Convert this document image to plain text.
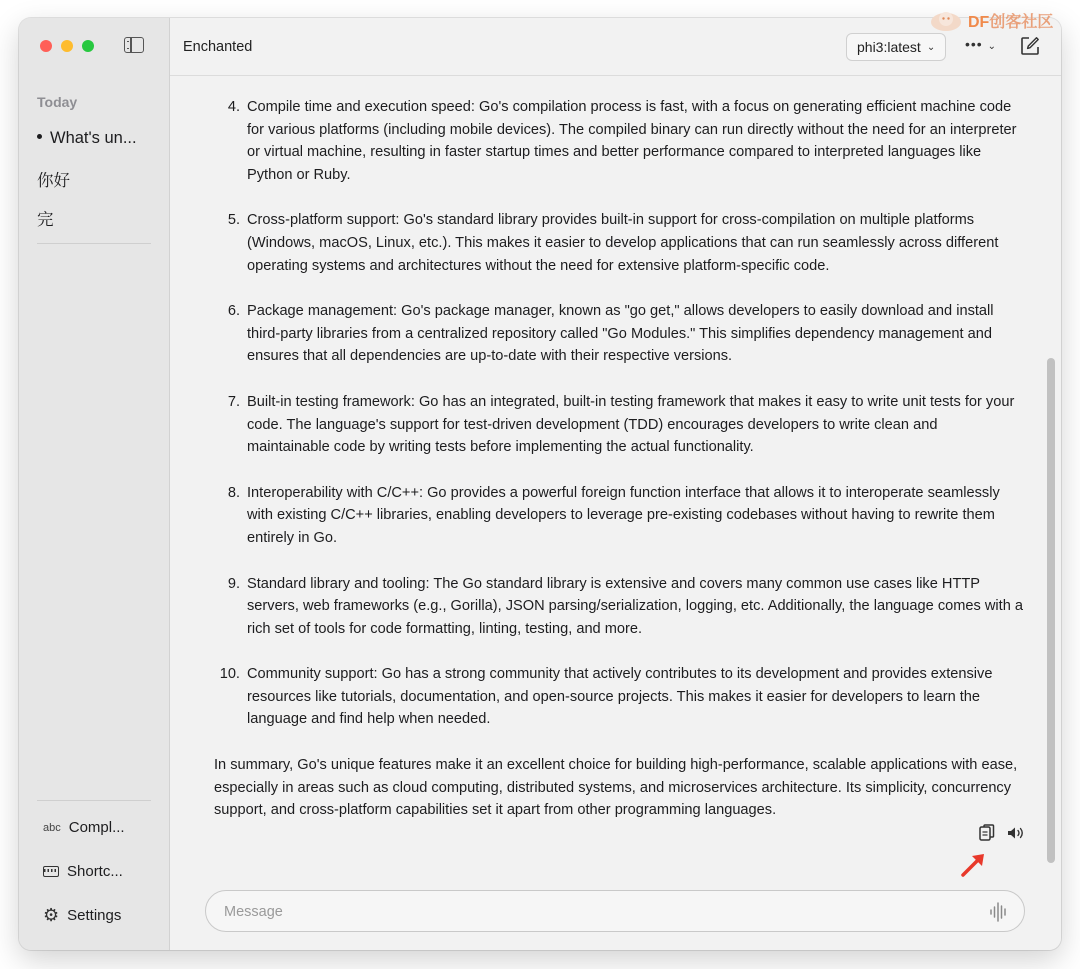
Today
What's un...
你好
完
abc Compl...
Shortc...
⚙ Settings
Enchanted	phi3:latest ⌄ ••• ⌄
4. Compile time and execution speed: Go's compilation process is fast, with a focus on generating efficient machine code for various platforms (including mobile devices). The compiled binary can run directly without the need for an interpreter or virtual machine, resulting in faster startup times and better performance compared to interpreted languages like Python or Ruby.
5. Cross-platform support: Go's standard library provides built-in support for cross-compilation on multiple platforms (Windows, macOS, Linux, etc.). This makes it easier to develop applications that can run seamlessly across different operating systems and architectures without the need for extensive platform-specific code.
6. Package management: Go's package manager, known as "go get," allows developers to easily download and install third-party libraries from a centralized repository called "Go Modules." This simplifies dependency management and ensures that all dependencies are up-to-date with their respective versions.
7. Built-in testing framework: Go has an integrated, built-in testing framework that makes it easy to write unit tests for your code. The language's support for test-driven development (TDD) encourages developers to write clean and maintainable code by writing tests before implementing the actual functionality.
8. Interoperability with C/C++: Go provides a powerful foreign function interface that allows it to interoperate seamlessly with existing C/C++ libraries, enabling developers to leverage pre-existing codebases without having to rewrite them entirely in Go.
9. Standard library and tooling: The Go standard library is extensive and covers many common use cases like HTTP servers, web frameworks (e.g., Gorilla), JSON parsing/serialization, logging, etc. Additionally, the language comes with a rich set of tools for code formatting, linting, testing, and more.
10. Community support: Go has a strong community that actively contributes to its development and provides extensive resources like tutorials, documentation, and open-source projects. This makes it easier for developers to learn the language and find help when needed.
In summary, Go's unique features make it an excellent choice for building high-performance, scalable applications with ease, especially in areas such as cloud computing, distributed systems, and microservices architecture. Its simplicity, concurrency support, and cross-platform capabilities set it apart from other programming languages.
Message
DF创客社区
